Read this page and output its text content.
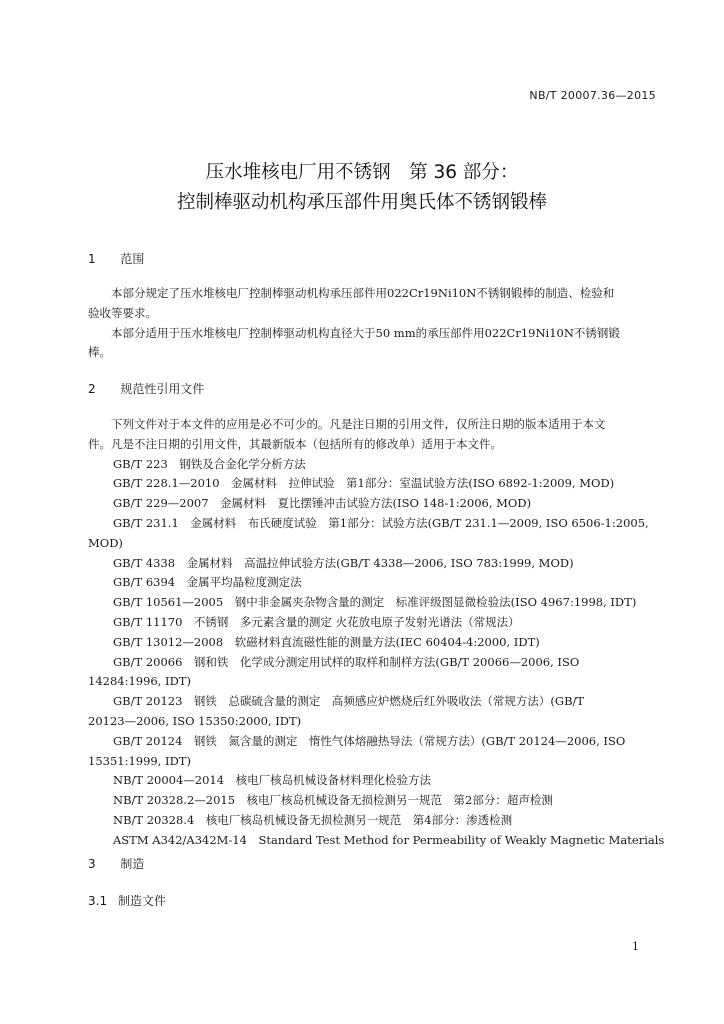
NB/T 20007.36—2015
压水堆核电厂用不锈钢　第 36 部分：
控制棒驱动机构承压部件用奥氏体不锈钢锻棒
1 范围

本部分规定了压水堆核电厂控制棒驱动机构承压部件用022Cr19Ni10N不锈钢锻棒的制造、检验和

验收等要求。

本部分适用于压水堆核电厂控制棒驱动机构直径大于50 mm的承压部件用022Cr19Ni10N不锈钢锻

棒。

2 规范性引用文件

下列文件对于本文件的应用是必不可少的。凡是注日期的引用文件，仅所注日期的版本适用于本文

件。凡是不注日期的引用文件，其最新版本（包括所有的修改单）适用于本文件。

GB/T 223　钢铁及合金化学分析方法

GB/T 228.1—2010　金属材料　拉伸试验　第1部分：室温试验方法(ISO 6892-1:2009, MOD)

GB/T 229—2007　金属材料　夏比摆锤冲击试验方法(ISO 148-1:2006, MOD)

GB/T 231.1　金属材料　布氏硬度试验　第1部分：试验方法(GB/T 231.1—2009, ISO 6506-1:2005,
MOD)

GB/T 4338　金属材料　高温拉伸试验方法(GB/T 4338—2006, ISO 783:1999, MOD)

GB/T 6394　金属平均晶粒度测定法

GB/T 10561—2005　钢中非金属夹杂物含量的测定　标准评级图显微检验法(ISO 4967:1998, IDT)

GB/T 11170　不锈钢　多元素含量的测定 火花放电原子发射光谱法（常规法）

GB/T 13012—2008　软磁材料直流磁性能的测量方法(IEC 60404-4:2000, IDT)

GB/T 20066　钢和铁　化学成分测定用试样的取样和制样方法(GB/T 20066—2006, ISO
14284:1996, IDT)

GB/T 20123　钢铁　总碳硫含量的测定　高频感应炉燃烧后红外吸收法（常规方法）(GB/T
20123—2006, ISO 15350:2000, IDT)

GB/T 20124　钢铁　氮含量的测定　惰性气体熔融热导法（常规方法）(GB/T 20124—2006, ISO
15351:1999, IDT)

NB/T 20004—2014　核电厂核岛机械设备材料理化检验方法

NB/T 20328.2—2015　核电厂核岛机械设备无损检测另一规范　第2部分：超声检测

NB/T 20328.4　核电厂核岛机械设备无损检测另一规范　第4部分：渗透检测

ASTM A342/A342M-14　Standard Test Method for Permeability of Weakly Magnetic Materials

3 制造
3.1 制造文件
1
